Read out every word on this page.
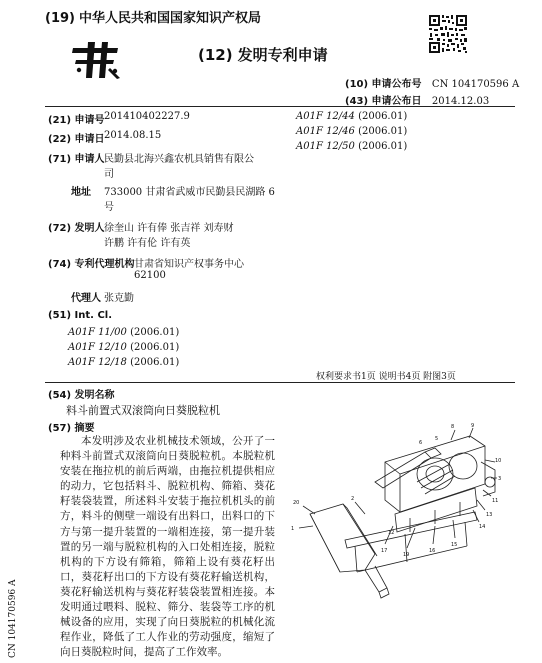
(19) 中华人民共和国国家知识产权局
(12) 发明专利申请
(10) 申请公布号 CN 104170596 A
(43) 申请公布日 2014.12.03
(21) 申请号 201410402227.9
(22) 申请日 2014.08.15
(71) 申请人 民勤县北海兴鑫农机具销售有限公
司
地址 733000 甘肃省武威市民勤县民湖路 6
号
(72) 发明人 徐奎山 许有俸 张吉祥 刘寿财
许鹏 许有伦 许有英
(74) 专利代理机构 甘肃省知识产权事务中心
62100
代理人 张克勤
(51) Int. Cl.
A01F 11/00 (2006.01)
A01F 12/10 (2006.01)
A01F 12/18 (2006.01)
A01F 12/44 (2006.01)
A01F 12/46 (2006.01)
A01F 12/50 (2006.01)
权利要求书1页 说明书4页 附图3页
(54) 发明名称
料斗前置式双滚筒向日葵脱粒机
(57) 摘要
本发明涉及农业机械技术领域，公开了一种料斗前置式双滚筒向日葵脱粒机。本脱粒机安装在拖拉机的前后两端，由拖拉机提供相应的动力，它包括料斗、脱粒机构、筛箱、葵花籽装袋装置，所述料斗安装于拖拉机机头的前方，料斗的侧壁一端设有出料口，出料口的下方与第一提升装置的一端相连接，第一提升装置的另一端与脱粒机构的入口处相连接，脱粒机构的下方设有筛箱，筛箱上设有葵花籽出口，葵花籽出口的下方设有葵花籽输送机构，葵花籽输送机构与葵花籽装袋装置相连接。本发明通过喂料、脱粒、筛分、装袋等工序的机械设备的应用，实现了向日葵脱粒的机械化流程作业，降低了工人作业的劳动强度，缩短了向日葵脱粒时间，提高了工作效率。
20
1
17
19
16
15
14
13
11
3
10
8	9
2
12
6
5
CN 104170596 A
